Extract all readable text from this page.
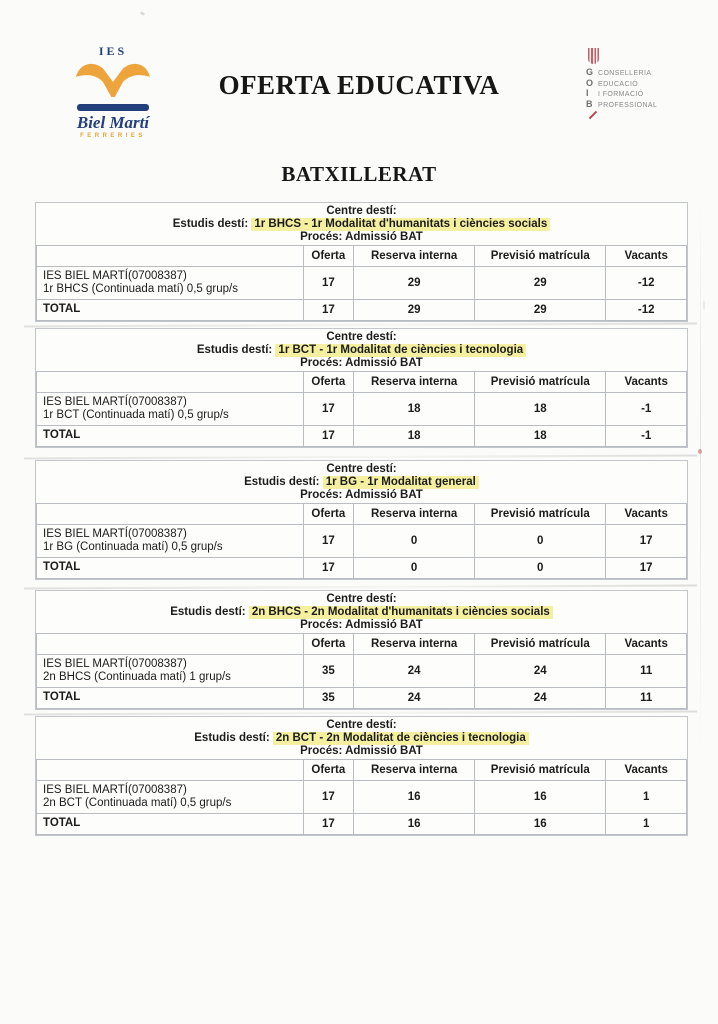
IES
Biel Martí
FERRERIES
OFERTA EDUCATIVA	G CONSELLERIA
O EDUCACIÓ
I	I FORMACIÓ
B PROFESSIONAL
BATXILLERAT
Centre destí:
Estudis destí: 1r BHCS - 1r Modalitat d'humanitats i ciències socials
Procés: Admissió BAT
	Oferta	Reserva interna	Previsió matrícula	Vacants

IES BIEL MARTÍ(07008387)
1r BHCS (Continuada matí) 0,5 grup/s	17	29	29	-12
TOTAL	17	29	29	-12
Centre destí:
Estudis destí: 1r BCT - 1r Modalitat de ciències i tecnologia
Procés: Admissió BAT
	Oferta	Reserva interna	Previsió matrícula	Vacants

IES BIEL MARTÍ(07008387)
1r BCT (Continuada matí) 0,5 grup/s	17	18	18	-1
TOTAL	17	18	18	-1
Centre destí:
Estudis destí: 1r BG - 1r Modalitat general
Procés: Admissió BAT
	Oferta	Reserva interna	Previsió matrícula	Vacants

IES BIEL MARTÍ(07008387)
1r BG (Continuada matí) 0,5 grup/s	17	0	0	17
TOTAL	17	0	0	17
Centre destí:
Estudis destí: 2n BHCS - 2n Modalitat d'humanitats i ciències socials
Procés: Admissió BAT
	Oferta	Reserva interna	Previsió matrícula	Vacants

IES BIEL MARTÍ(07008387)
2n BHCS (Continuada matí) 1 grup/s	35	24	24	11
TOTAL	35	24	24	11
Centre destí:
Estudis destí: 2n BCT - 2n Modalitat de ciències i tecnologia
Procés: Admissió BAT
	Oferta	Reserva interna	Previsió matrícula	Vacants

IES BIEL MARTÍ(07008387)
2n BCT (Continuada matí) 0,5 grup/s	17	16	16	1
TOTAL	17	16	16	1
